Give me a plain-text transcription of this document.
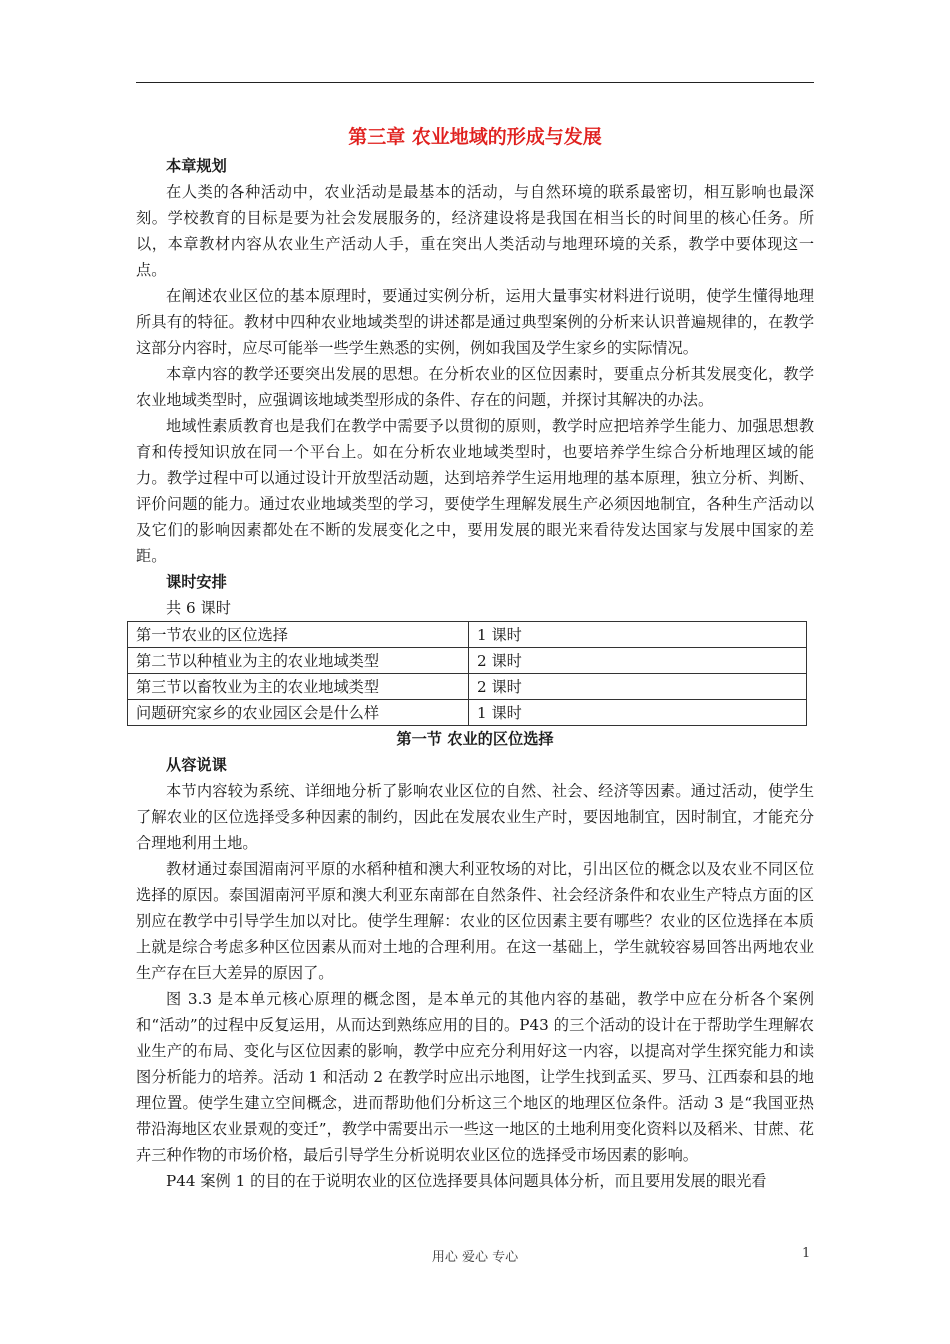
第三章 农业地域的形成与发展
本章规划

在人类的各种活动中，农业活动是最基本的活动，与自然环境的联系最密切，相互影响也最深刻。学校教育的目标是要为社会发展服务的，经济建设将是我国在相当长的时间里的核心任务。所以，本章教材内容从农业生产活动人手，重在突出人类活动与地理环境的关系，教学中要体现这一点。

在阐述农业区位的基本原理时，要通过实例分析，运用大量事实材料进行说明，使学生懂得地理所具有的特征。教材中四种农业地域类型的讲述都是通过典型案例的分析来认识普遍规律的，在教学这部分内容时，应尽可能举一些学生熟悉的实例，例如我国及学生家乡的实际情况。

本章内容的教学还要突出发展的思想。在分析农业的区位因素时，要重点分析其发展变化，教学农业地域类型时，应强调该地域类型形成的条件、存在的问题，并探讨其解决的办法。

地域性素质教育也是我们在教学中需要予以贯彻的原则，教学时应把培养学生能力、加强思想教育和传授知识放在同一个平台上。如在分析农业地域类型时，也要培养学生综合分析地理区域的能力。教学过程中可以通过设计开放型活动题，达到培养学生运用地理的基本原理，独立分析、判断、评价问题的能力。通过农业地域类型的学习，要使学生理解发展生产必须因地制宜，各种生产活动以及它们的影响因素都处在不断的发展变化之中，要用发展的眼光来看待发达国家与发展中国家的差距。

课时安排
共 6 课时
第一节农业的区位选择	1 课时
第二节以种植业为主的农业地域类型	2 课时
第三节以畜牧业为主的农业地域类型	2 课时
问题研究家乡的农业园区会是什么样	1 课时
第一节 农业的区位选择
从容说课

本节内容较为系统、详细地分析了影响农业区位的自然、社会、经济等因素。通过活动，使学生了解农业的区位选择受多种因素的制约，因此在发展农业生产时，要因地制宜，因时制宜，才能充分合理地利用土地。

教材通过泰国湄南河平原的水稻种植和澳大利亚牧场的对比，引出区位的概念以及农业不同区位选择的原因。泰国湄南河平原和澳大利亚东南部在自然条件、社会经济条件和农业生产特点方面的区别应在教学中引导学生加以对比。使学生理解：农业的区位因素主要有哪些？农业的区位选择在本质上就是综合考虑多种区位因素从而对土地的合理利用。在这一基础上，学生就较容易回答出两地农业生产存在巨大差异的原因了。

图 3.3 是本单元核心原理的概念图，是本单元的其他内容的基础，教学中应在分析各个案例和“活动”的过程中反复运用，从而达到熟练应用的目的。P43 的三个活动的设计在于帮助学生理解农业生产的布局、变化与区位因素的影响，教学中应充分利用好这一内容，以提高对学生探究能力和读图分析能力的培养。活动 1 和活动 2 在教学时应出示地图，让学生找到孟买、罗马、江西泰和县的地理位置。使学生建立空间概念，进而帮助他们分析这三个地区的地理区位条件。活动 3 是“我国亚热带沿海地区农业景观的变迁”，教学中需要出示一些这一地区的土地利用变化资料以及稻米、甘蔗、花卉三种作物的市场价格，最后引导学生分析说明农业区位的选择受市场因素的影响。

P44 案例 1 的目的在于说明农业的区位选择要具体问题具体分析，而且要用发展的眼光看

用心 爱心 专心	1
